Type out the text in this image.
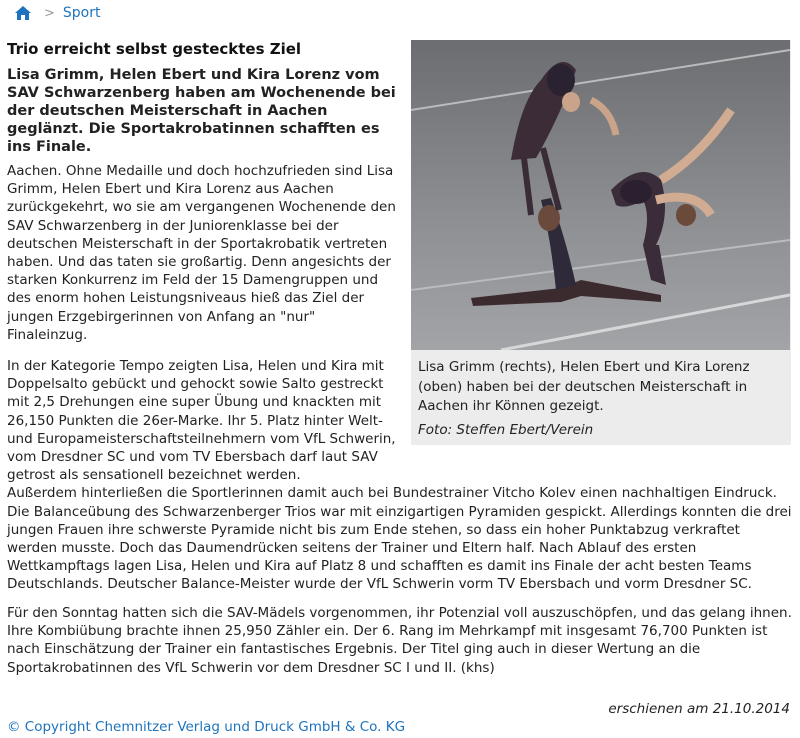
> Sport
Trio erreicht selbst gestecktes Ziel

Lisa Grimm, Helen Ebert und Kira Lorenz vom SAV Schwarzenberg haben am Wochenende bei der deutschen Meisterschaft in Aachen geglänzt. Die Sportakrobatinnen schafften es ins Finale.

Aachen. Ohne Medaille und doch hochzufrieden sind Lisa Grimm, Helen Ebert und Kira Lorenz aus Aachen zurückgekehrt, wo sie am vergangenen Wochenende den SAV Schwarzenberg in der Juniorenklasse bei der deutschen Meisterschaft in der Sportakrobatik vertreten haben. Und das taten sie großartig. Denn angesichts der starken Konkurrenz im Feld der 15 Damengruppen und des enorm hohen Leistungsniveaus hieß das Ziel der jungen Erzgebirgerinnen von Anfang an "nur" Finaleinzug.

Lisa Grimm (rechts), Helen Ebert und Kira Lorenz (oben) haben bei der deutschen Meisterschaft in Aachen ihr Können gezeigt.

Foto: Steffen Ebert/Verein

In der Kategorie Tempo zeigten Lisa, Helen und Kira mit Doppelsalto gebückt und gehockt sowie Salto gestreckt mit 2,5 Drehungen eine super Übung und knackten mit 26,150 Punkten die 26er-Marke. Ihr 5. Platz hinter Welt- und Europameisterschaftsteilnehmern vom VfL Schwerin, vom Dresdner SC und vom TV Ebersbach darf laut SAV getrost als sensationell bezeichnet werden.
Außerdem hinterließen die Sportlerinnen damit auch bei Bundestrainer Vitcho Kolev einen nachhaltigen Eindruck. Die Balanceübung des Schwarzenberger Trios war mit einzigartigen Pyramiden gespickt. Allerdings konnten die drei jungen Frauen ihre schwerste Pyramide nicht bis zum Ende stehen, so dass ein hoher Punktabzug verkraftet werden musste. Doch das Daumendrücken seitens der Trainer und Eltern half. Nach Ablauf des ersten Wettkampftags lagen Lisa, Helen und Kira auf Platz 8 und schafften es damit ins Finale der acht besten Teams Deutschlands. Deutscher Balance-Meister wurde der VfL Schwerin vorm TV Ebersbach und vorm Dresdner SC.

Für den Sonntag hatten sich die SAV-Mädels vorgenommen, ihr Potenzial voll auszuschöpfen, und das gelang ihnen. Ihre Kombiübung brachte ihnen 25,950 Zähler ein. Der 6. Rang im Mehrkampf mit insgesamt 76,700 Punkten ist nach Einschätzung der Trainer ein fantastisches Ergebnis. Der Titel ging auch in dieser Wertung an die Sportakrobatinnen des VfL Schwerin vor dem Dresdner SC I und II. (khs)

erschienen am 21.10.2014

© Copyright Chemnitzer Verlag und Druck GmbH & Co. KG
